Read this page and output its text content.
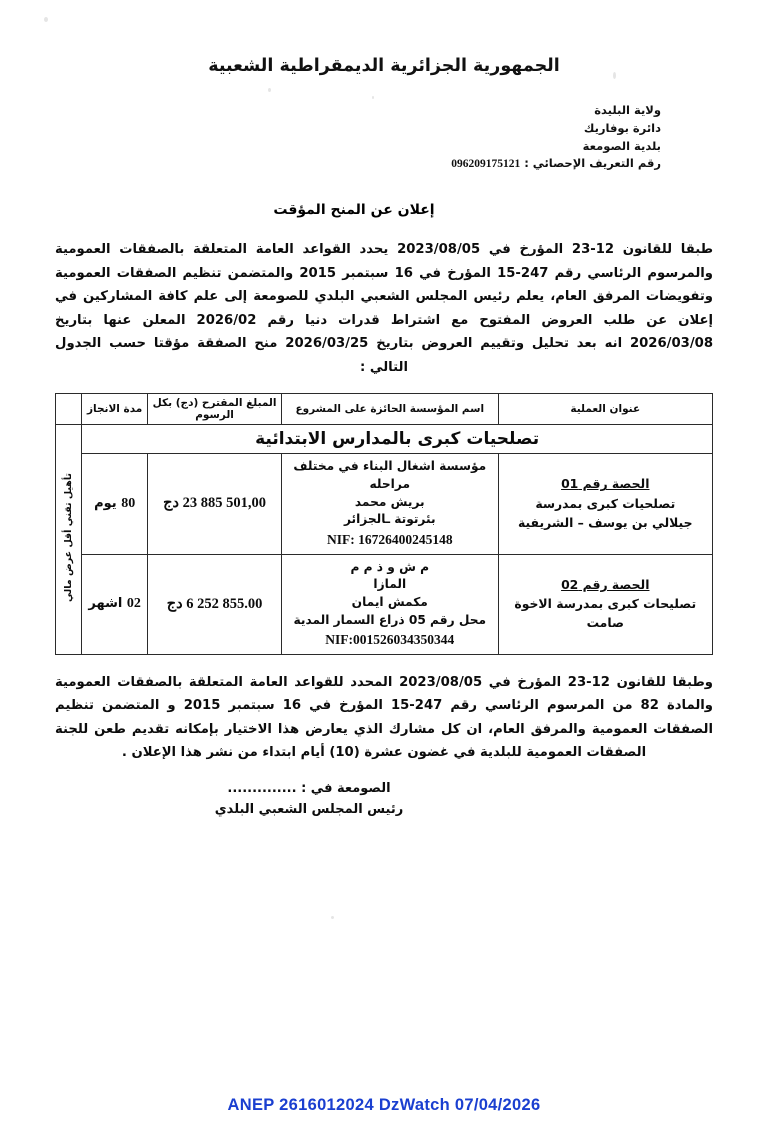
الجمهورية الجزائرية الديمقراطية الشعبية
ولاية البليدة
دائرة بوفاريك
بلدية الصومعة
رقم التعريف الإحصائي : 096209175121
إعلان عن المنح المؤقت
طبقا للقانون 12-23 المؤرخ في 2023/08/05 يحدد القواعد العامة المتعلقة بالصفقات العمومية والمرسوم الرئاسي رقم 247-15 المؤرخ في 16 سبتمبر 2015 والمتضمن تنظيم الصفقات العمومية وتفويضات المرفق العام، يعلم رئيس المجلس الشعبي البلدي للصومعة إلى علم كافة المشاركين في إعلان عن طلب العروض المفتوح مع اشتراط قدرات دنيا رقم 2026/02 المعلن عنها بتاريخ 2026/03/08 انه بعد تحليل وتقييم العروض بتاريخ 2026/03/25 منح الصفقة مؤقتا حسب الجدول التالي :
عنوان العملية	اسم المؤسسة الحائزة على المشروع	المبلغ المقترح (دج) بكل الرسوم	مدة الانجاز	
تصلحيات كبرى بالمدارس الابتدائية				تأهيل تقني أقل عرض مالي

الحصة رقم 01
تصلحيات كبرى بمدرسة
جيلالي بن يوسف – الشريفية	مؤسسة اشغال البناء في مختلف
مراحله
بريش محمد
بئرتوتة ـالجزائر
NIF: 16726400245148	23 885 501,00 دج	80 يوم	

الحصة رقم 02
تصليحات كبرى بمدرسة الاخوة
صامت	م ش و ذ م م
المازا
مكمش ايمان
محل رقم 05 ذراع السمار المدية
NIF:001526034350344	6 252 855.00 دج	02 اشهر	
وطبقا للقانون 12-23 المؤرخ في 2023/08/05 المحدد للقواعد العامة المتعلقة بالصفقات العمومية والمادة 82 من المرسوم الرئاسي رقم 247-15 المؤرخ في 16 سبتمبر 2015 و المتضمن تنظيم الصفقات العمومية والمرفق العام، ان كل مشارك الذي يعارض هذا الاختيار بإمكانه تقديم طعن للجنة الصفقات العمومية للبلدية في غضون عشرة (10) أيام ابتداء من نشر هذا الإعلان .
الصومعة في : ..............
رئيس المجلس الشعبي البلدي
ANEP 2616012024 DzWatch 07/04/2026
